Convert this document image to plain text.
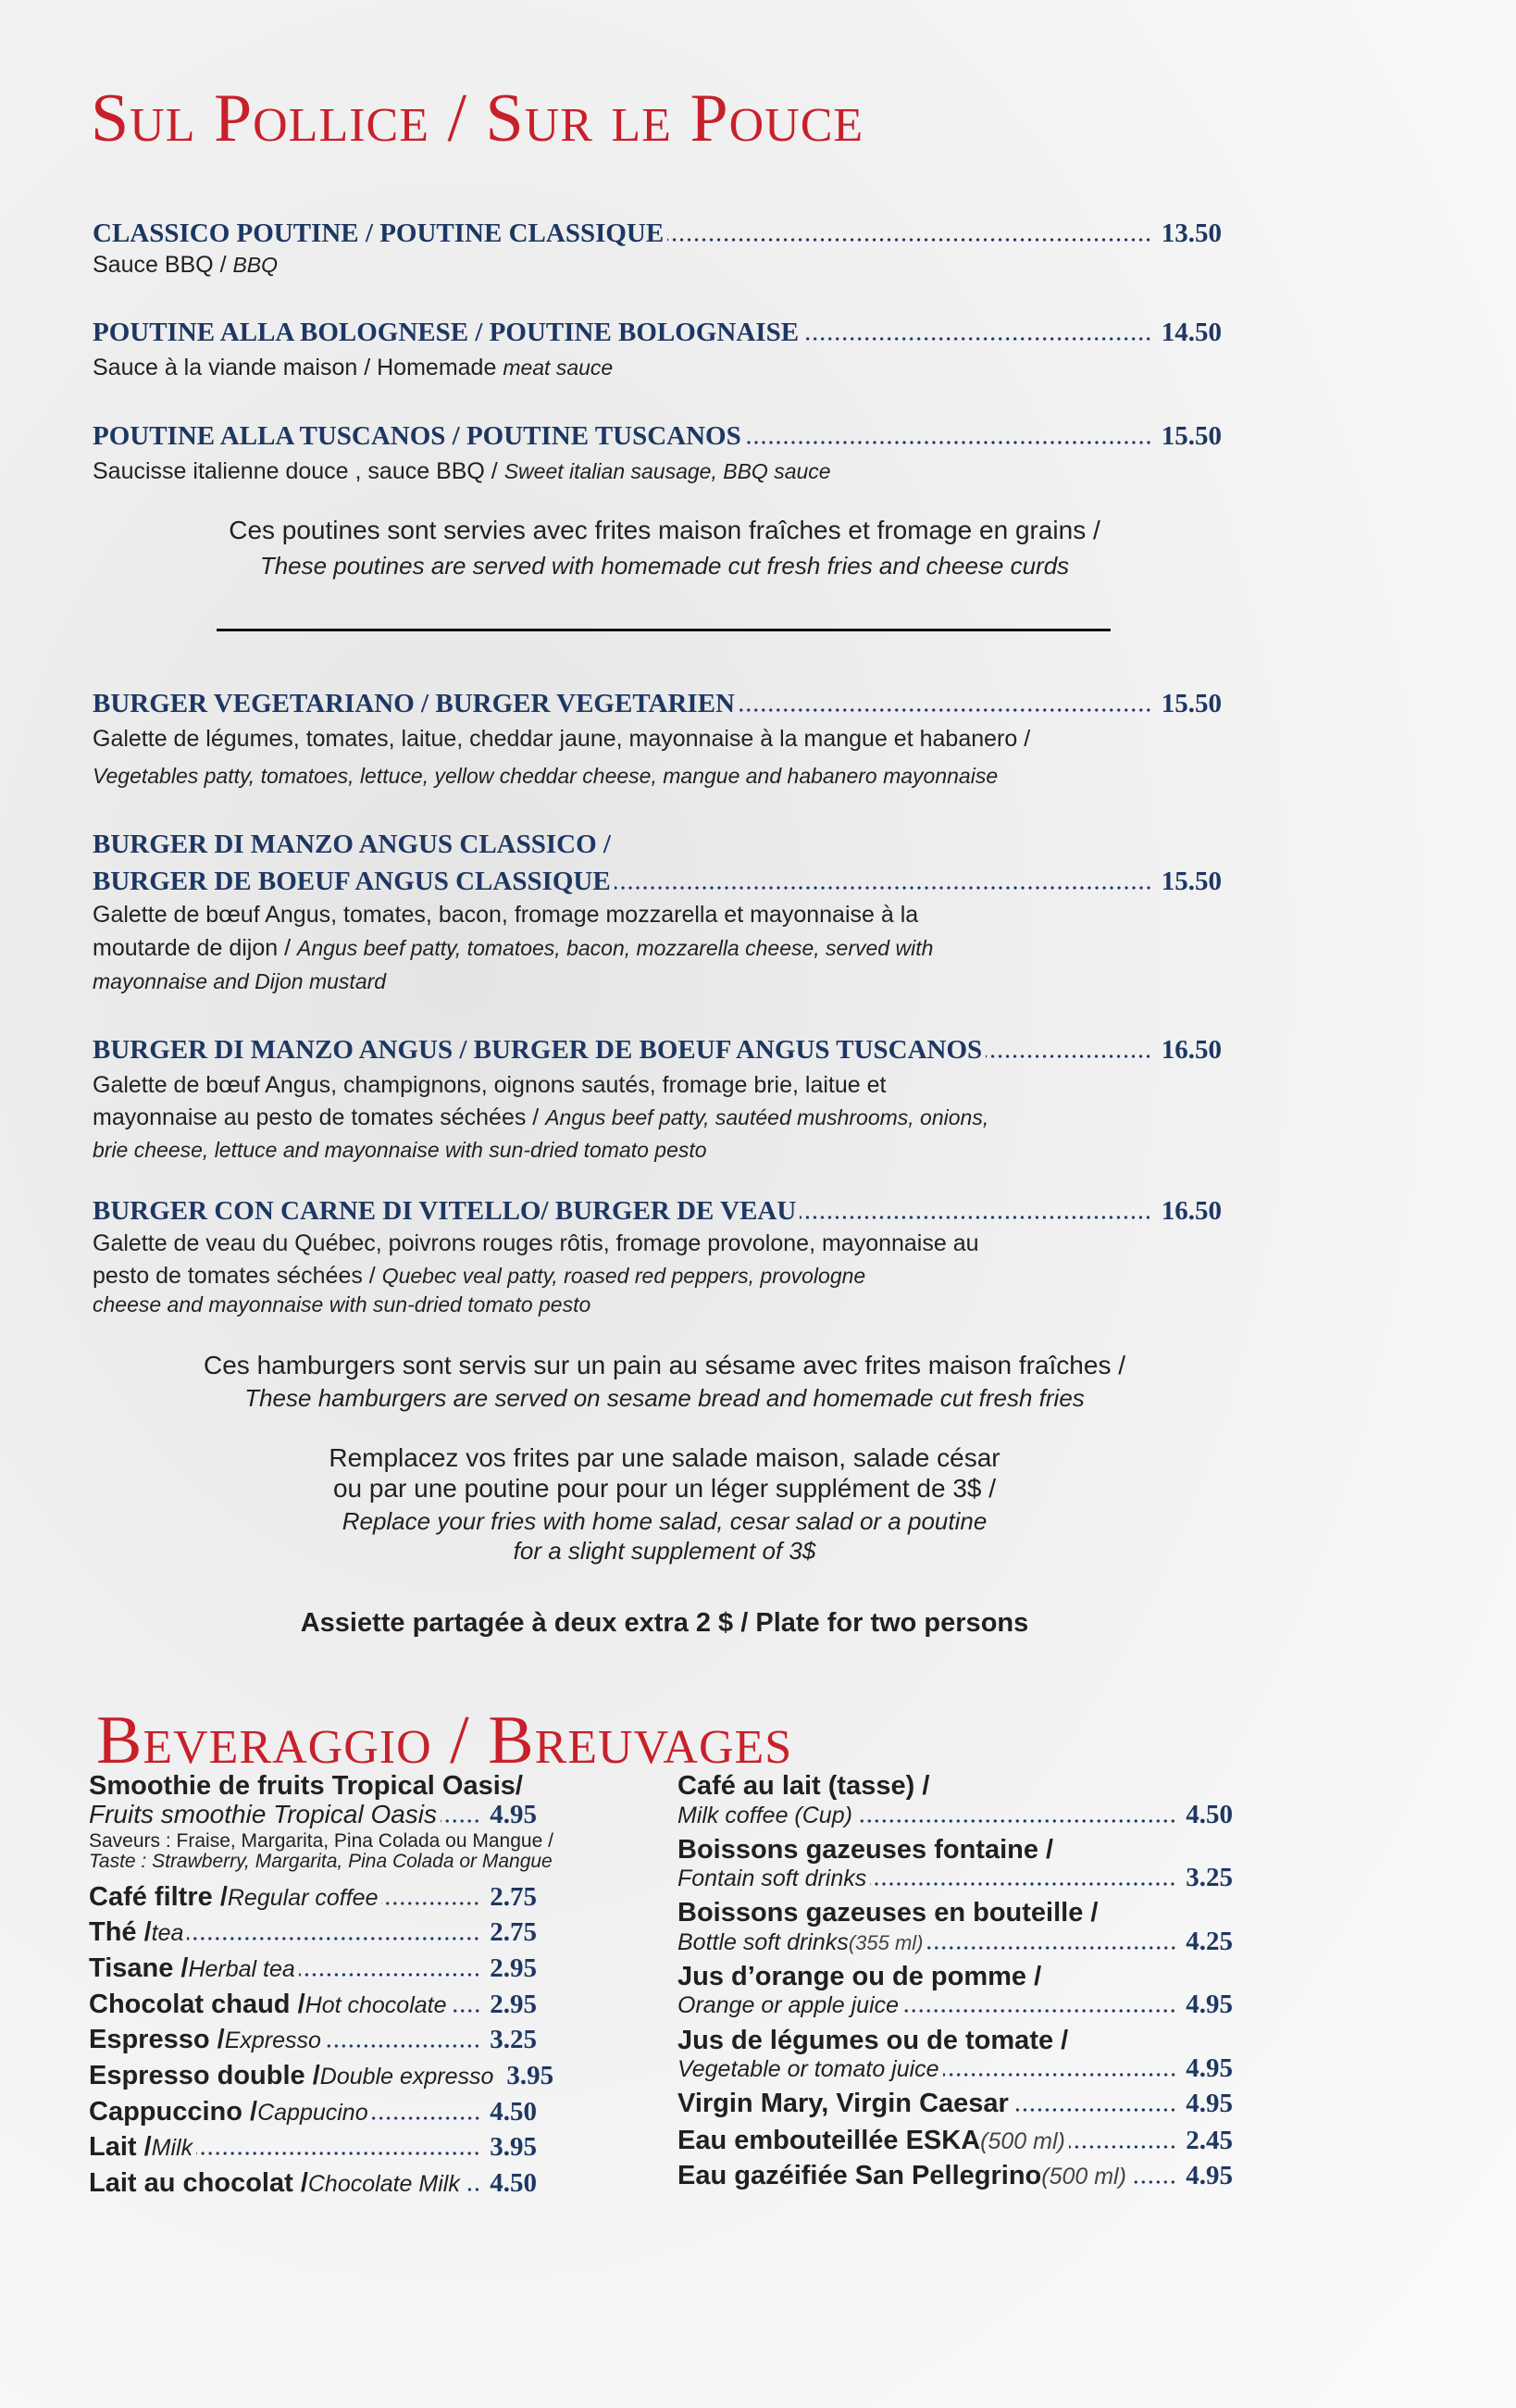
Sul Pollice / Sur le Pouce
CLASSICO POUTINE / POUTINE CLASSIQUE	13.50
Sauce BBQ / BBQ
POUTINE ALLA BOLOGNESE / POUTINE BOLOGNAISE	14.50
Sauce à la viande maison / Homemade meat sauce
POUTINE ALLA TUSCANOS / POUTINE TUSCANOS	15.50
Saucisse italienne douce , sauce BBQ / Sweet italian sausage, BBQ sauce
Ces poutines sont servies avec frites maison fraîches et fromage en grains /
These poutines are served with homemade cut fresh fries and cheese curds
BURGER VEGETARIANO / BURGER VEGETARIEN	15.50
Galette de légumes, tomates, laitue, cheddar jaune, mayonnaise à la mangue et habanero /
Vegetables patty, tomatoes, lettuce, yellow cheddar cheese, mangue and habanero mayonnaise
BURGER DI MANZO ANGUS CLASSICO /
BURGER DE BOEUF ANGUS CLASSIQUE	15.50
Galette de bœuf Angus, tomates, bacon, fromage mozzarella et mayonnaise à la
moutarde de dijon / Angus beef patty, tomatoes, bacon, mozzarella cheese, served with
mayonnaise and Dijon mustard
BURGER DI MANZO ANGUS / BURGER DE BOEUF ANGUS TUSCANOS	16.50
Galette de bœuf Angus, champignons, oignons sautés, fromage brie, laitue et
mayonnaise au pesto de tomates séchées / Angus beef patty, sautéed mushrooms, onions,
brie cheese, lettuce and mayonnaise with sun-dried tomato pesto
BURGER CON CARNE DI VITELLO/ BURGER DE VEAU	16.50
Galette de veau du Québec, poivrons rouges rôtis, fromage provolone, mayonnaise au
pesto de tomates séchées / Quebec veal patty, roased red peppers, provologne
cheese and mayonnaise with sun-dried tomato pesto
Ces hamburgers sont servis sur un pain au sésame avec frites maison fraîches /
These hamburgers are served on sesame bread and homemade cut fresh fries
Remplacez vos frites par une salade maison, salade césar
ou par une poutine pour pour un léger supplément de 3$ /
Replace your fries with home salad, cesar salad or a poutine
for a slight supplement of 3$
Assiette partagée à deux extra 2 $ / Plate for two persons
Beveraggio / Breuvages
Smoothie de fruits Tropical Oasis/
Fruits smoothie Tropical Oasis 4.95
Saveurs : Fraise, Margarita, Pina Colada ou Mangue /
Taste : Strawberry, Margarita, Pina Colada or Mangue
Café filtre / Regular coffee	2.75
Thé / tea	2.75
Tisane / Herbal tea	2.95
Chocolat chaud / Hot chocolate 2.95
Espresso / Expresso	3.25
Espresso double / Double expresso 3.95
Cappuccino / Cappucino	4.50
Lait / Milk	3.95
Lait au chocolat / Chocolate Milk 4.50
Café au lait (tasse) /
Milk coffee (Cup)	4.50
Boissons gazeuses fontaine /
Fontain soft drinks	3.25
Boissons gazeuses en bouteille /
Bottle soft drinks (355 ml)	4.25
Jus d’orange ou de pomme /
Orange or apple juice	4.95
Jus de légumes ou de tomate /
Vegetable or tomato juice	4.95
Virgin Mary, Virgin Caesar	4.95
Eau embouteillée ESKA (500 ml)	2.45
Eau gazéifiée San Pellegrino (500 ml) 4.95
